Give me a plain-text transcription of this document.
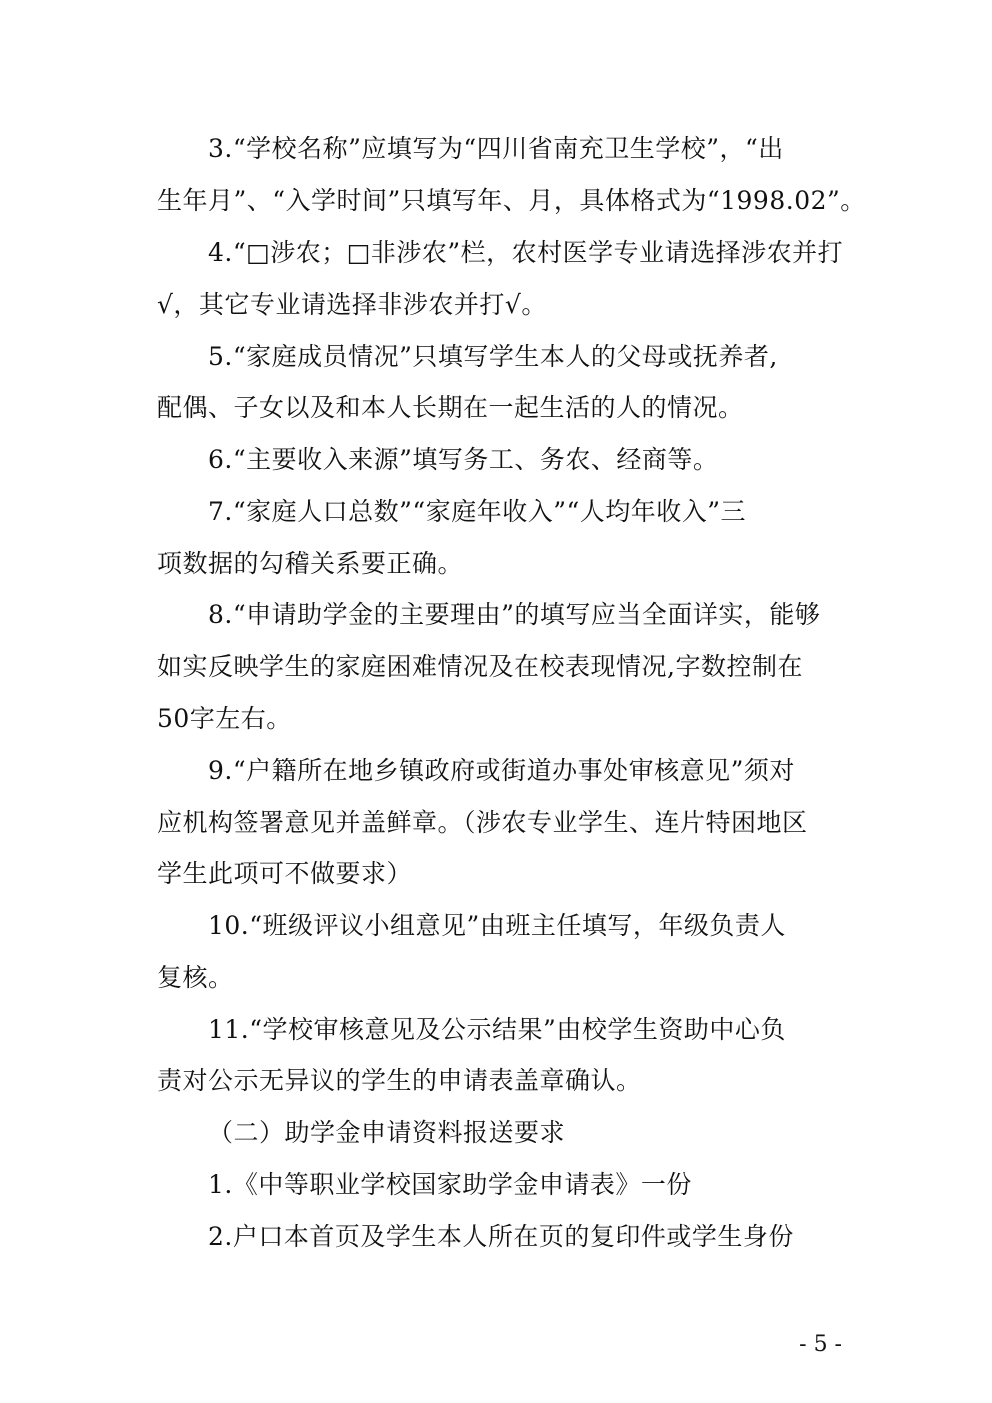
3.“学校名称”应填写为“四川省南充卫生学校”，“出
生年月”、“入学时间”只填写年、月，具体格式为“1998.02”。
4.“□涉农；□非涉农”栏，农村医学专业请选择涉农并打
√，其它专业请选择非涉农并打√。
5.“家庭成员情况”只填写学生本人的父母或抚养者,
配偶、子女以及和本人长期在一起生活的人的情况。
6.“主要收入来源”填写务工、务农、经商等。
7.“家庭人口总数”“家庭年收入”“人均年收入”三
项数据的勾稽关系要正确。
8.“申请助学金的主要理由”的填写应当全面详实，能够
如实反映学生的家庭困难情况及在校表现情况,字数控制在
50字左右。
9.“户籍所在地乡镇政府或街道办事处审核意见”须对
应机构签署意见并盖鲜章。（涉农专业学生、连片特困地区
学生此项可不做要求）
10.“班级评议小组意见”由班主任填写，年级负责人
复核。
11.“学校审核意见及公示结果”由校学生资助中心负
责对公示无异议的学生的申请表盖章确认。
（二）助学金申请资料报送要求
1.《中等职业学校国家助学金申请表》一份
2.户口本首页及学生本人所在页的复印件或学生身份
- 5 -
